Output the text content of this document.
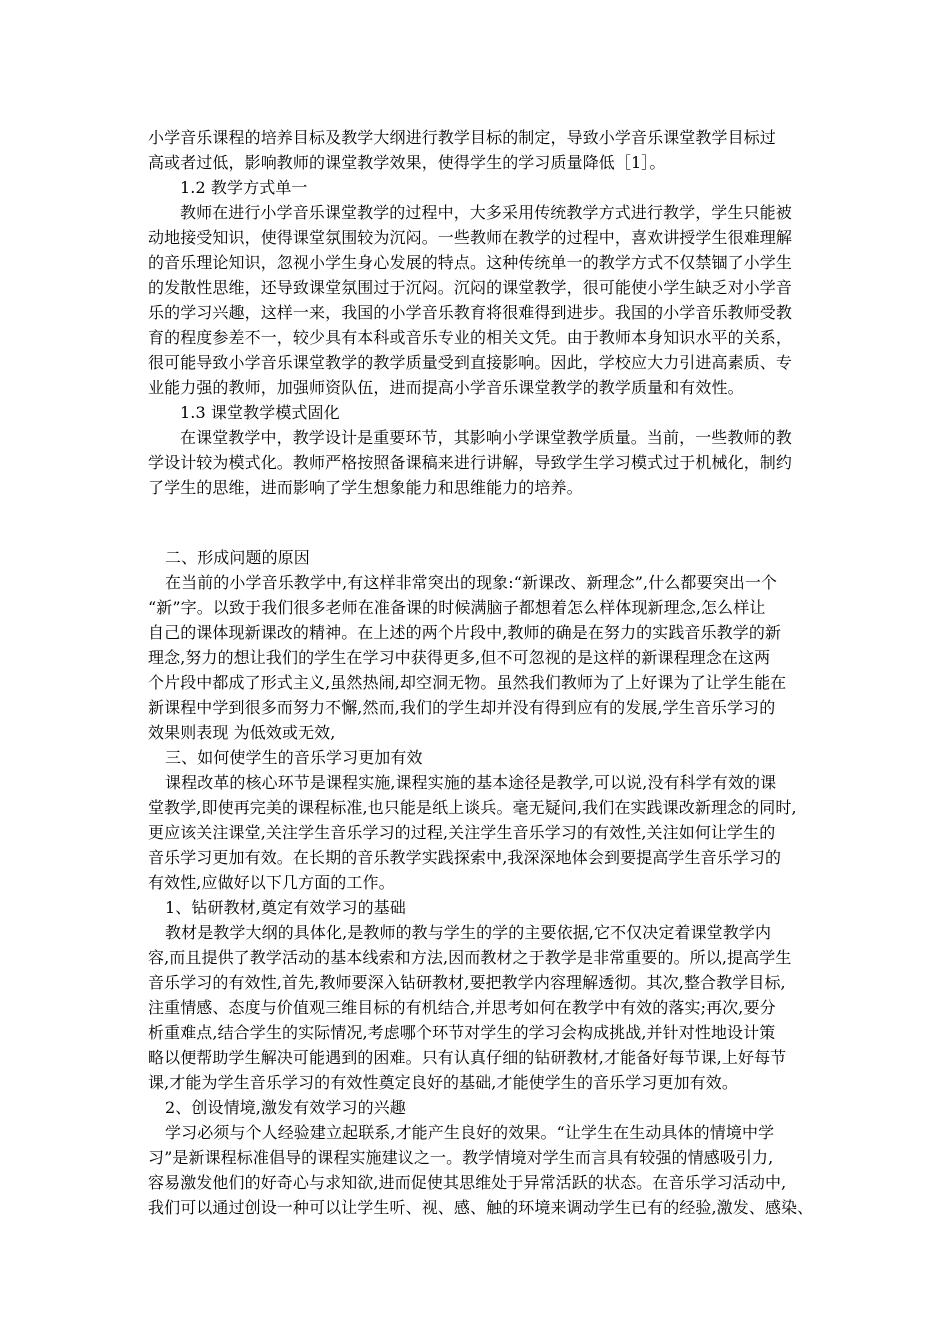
小学音乐课程的培养目标及教学大纲进行教学目标的制定，导致小学音乐课堂教学目标过
高或者过低，影响教师的课堂教学效果，使得学生的学习质量降低［1］。
1.2 教学方式单一
教师在进行小学音乐课堂教学的过程中，大多采用传统教学方式进行教学，学生只能被
动地接受知识，使得课堂氛围较为沉闷。一些教师在教学的过程中，喜欢讲授学生很难理解
的音乐理论知识，忽视小学生身心发展的特点。这种传统单一的教学方式不仅禁锢了小学生
的发散性思维，还导致课堂氛围过于沉闷。沉闷的课堂教学，很可能使小学生缺乏对小学音
乐的学习兴趣，这样一来，我国的小学音乐教育将很难得到进步。我国的小学音乐教师受教
育的程度参差不一，较少具有本科或音乐专业的相关文凭。由于教师本身知识水平的关系，
很可能导致小学音乐课堂教学的教学质量受到直接影响。因此，学校应大力引进高素质、专
业能力强的教师，加强师资队伍，进而提高小学音乐课堂教学的教学质量和有效性。
1.3 课堂教学模式固化
在课堂教学中，教学设计是重要环节，其影响小学课堂教学质量。当前，一些教师的教
学设计较为模式化。教师严格按照备课稿来进行讲解，导致学生学习模式过于机械化，制约
了学生的思维，进而影响了学生想象能力和思维能力的培养。
二、形成问题的原因
在当前的小学音乐教学中,有这样非常突出的现象:“新课改、新理念”,什么都要突出一个
“新”字。以致于我们很多老师在准备课的时候满脑子都想着怎么样体现新理念,怎么样让
自己的课体现新课改的精神。在上述的两个片段中,教师的确是在努力的实践音乐教学的新
理念,努力的想让我们的学生在学习中获得更多,但不可忽视的是这样的新课程理念在这两
个片段中都成了形式主义,虽然热闹,却空洞无物。虽然我们教师为了上好课为了让学生能在
新课程中学到很多而努力不懈,然而,我们的学生却并没有得到应有的发展,学生音乐学习的
效果则表现 为低效或无效,
三、如何使学生的音乐学习更加有效
课程改革的核心环节是课程实施,课程实施的基本途径是教学,可以说,没有科学有效的课
堂教学,即使再完美的课程标准,也只能是纸上谈兵。毫无疑问,我们在实践课改新理念的同时,
更应该关注课堂,关注学生音乐学习的过程,关注学生音乐学习的有效性,关注如何让学生的
音乐学习更加有效。在长期的音乐教学实践探索中,我深深地体会到要提高学生音乐学习的
有效性,应做好以下几方面的工作。
1、钻研教材,奠定有效学习的基础
教材是教学大纲的具体化,是教师的教与学生的学的主要依据,它不仅决定着课堂教学内
容,而且提供了教学活动的基本线索和方法,因而教材之于教学是非常重要的。所以,提高学生
音乐学习的有效性,首先,教师要深入钻研教材,要把教学内容理解透彻。其次,整合教学目标,
注重情感、态度与价值观三维目标的有机结合,并思考如何在教学中有效的落实;再次,要分
析重难点,结合学生的实际情况,考虑哪个环节对学生的学习会构成挑战,并针对性地设计策
略以便帮助学生解决可能遇到的困难。只有认真仔细的钻研教材,才能备好每节课,上好每节
课,才能为学生音乐学习的有效性奠定良好的基础,才能使学生的音乐学习更加有效。
2、创设情境,激发有效学习的兴趣
学习必须与个人经验建立起联系,才能产生良好的效果。“让学生在生动具体的情境中学
习”是新课程标准倡导的课程实施建议之一。教学情境对学生而言具有较强的情感吸引力,
容易激发他们的好奇心与求知欲,进而促使其思维处于异常活跃的状态。在音乐学习活动中,
我们可以通过创设一种可以让学生听、视、感、触的环境来调动学生已有的经验,激发、感染、
